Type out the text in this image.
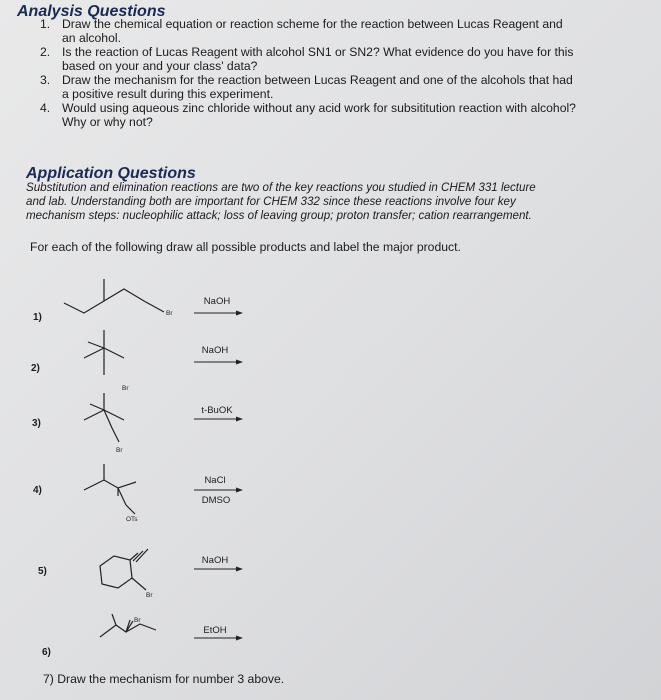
Analysis Questions
1. Draw the chemical equation or reaction scheme for the reaction between Lucas Reagent and
an alcohol.
2. Is the reaction of Lucas Reagent with alcohol SN1 or SN2? What evidence do you have for this
based on your and your class' data?
3. Draw the mechanism for the reaction between Lucas Reagent and one of the alcohols that had
a positive result during this experiment.
4. Would using aqueous zinc chloride without any acid work for subsititution reaction with alcohol?
Why or why not?
Application Questions
Substitution and elimination reactions are two of the key reactions you studied in CHEM 331 lecture
and lab. Understanding both are important for CHEM 332 since these reactions involve four key
mechanism steps: nucleophilic attack; loss of leaving group; proton transfer; cation rearrangement.
For each of the following draw all possible products and label the major product.
1)
2)
3)
4)
5)
6)
Br
Br
Br
OTs
Br
Br
NaOH
NaOH
t-BuOK
NaCl
DMSO
NaOH
EtOH
7) Draw the mechanism for number 3 above.
